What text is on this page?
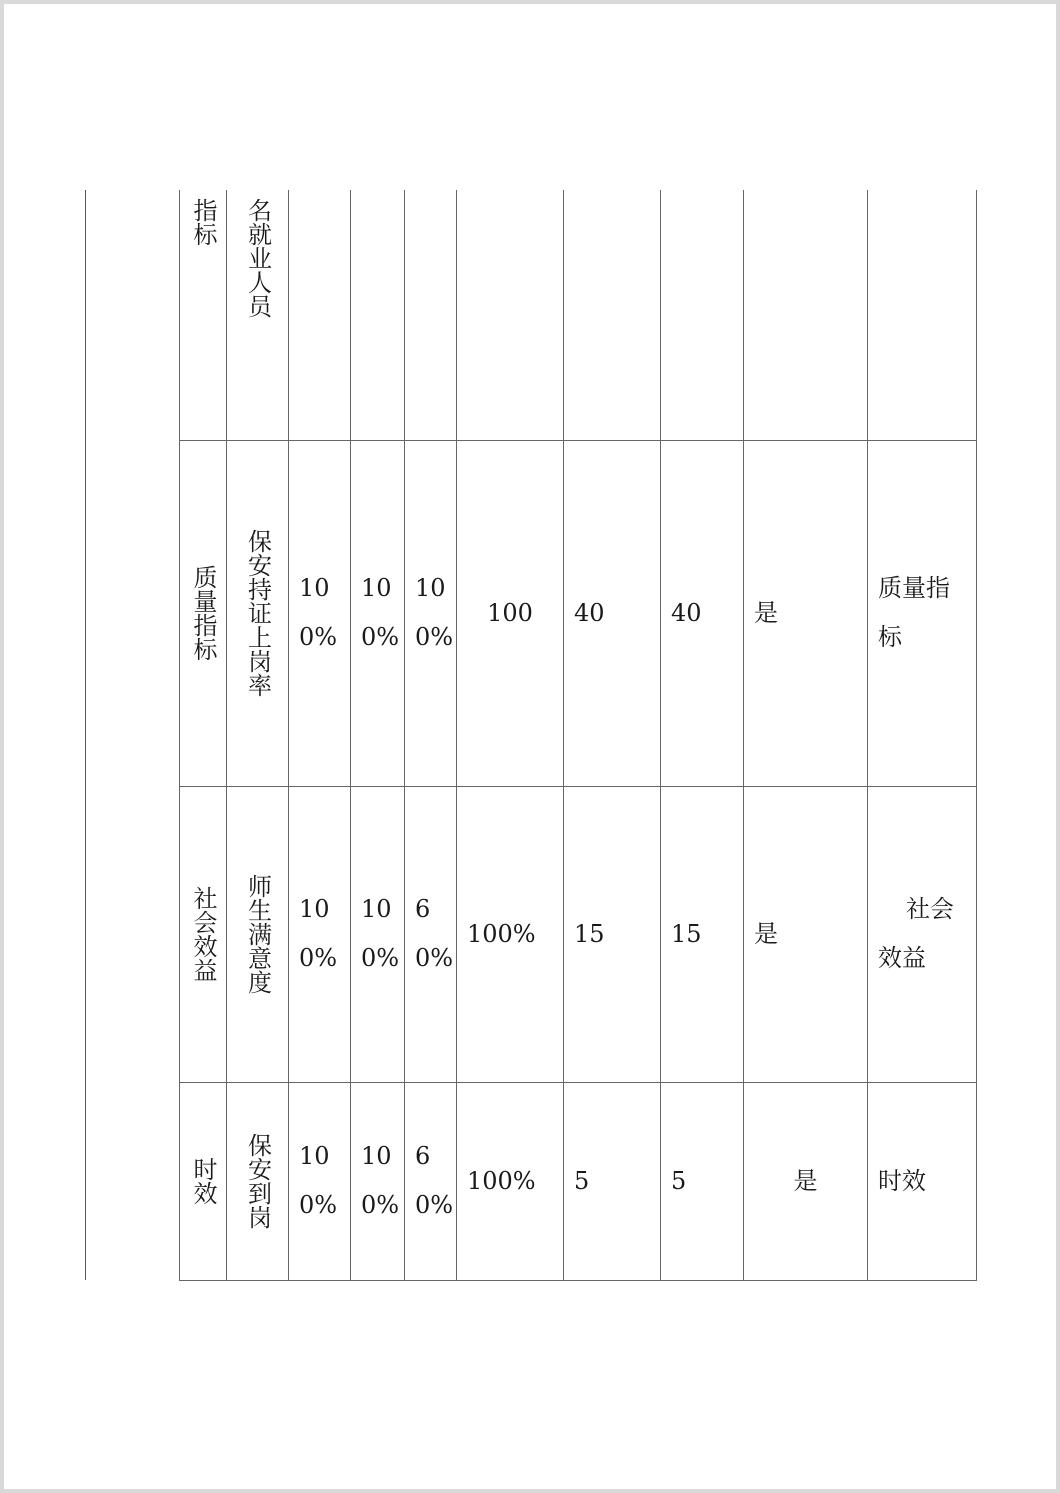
指标	名就业人员								

质量指标	保安持证上岗率	100%	100%	100%	100	40	40	是	质量指标

社会效益	师生满意度	100%	100%	60%	100%	15	15	是	社会效益

时效	保安到岗	100%	100%	60%	100%	5	5	是	时效
